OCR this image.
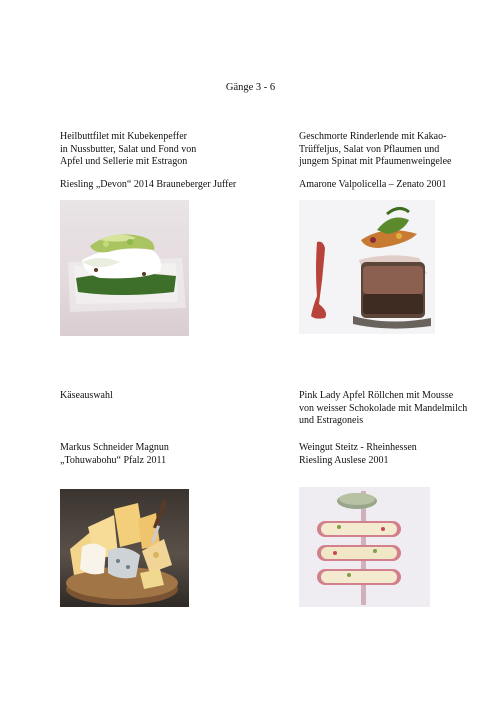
Gänge 3 - 6
Heilbuttfilet mit Kubekenpeffer
in Nussbutter, Salat und Fond von
Apfel und Sellerie mit Estragon
Riesling „Devon“ 2014 Brauneberger Juffer
Geschmorte Rinderlende mit Kakao-
Trüffeljus, Salat von Pflaumen und
jungem Spinat mit Pfaumenweingelee
Amarone Valpolicella – Zenato 2001
Käseauswahl
Markus Schneider Magnun
„Tohuwabohu“ Pfalz 2011
Pink Lady Apfel Röllchen mit Mousse
von weisser Schokolade mit Mandelmilch
und Estragoneis
Weingut Steitz - Rheinhessen
Riesling Auslese 2001
